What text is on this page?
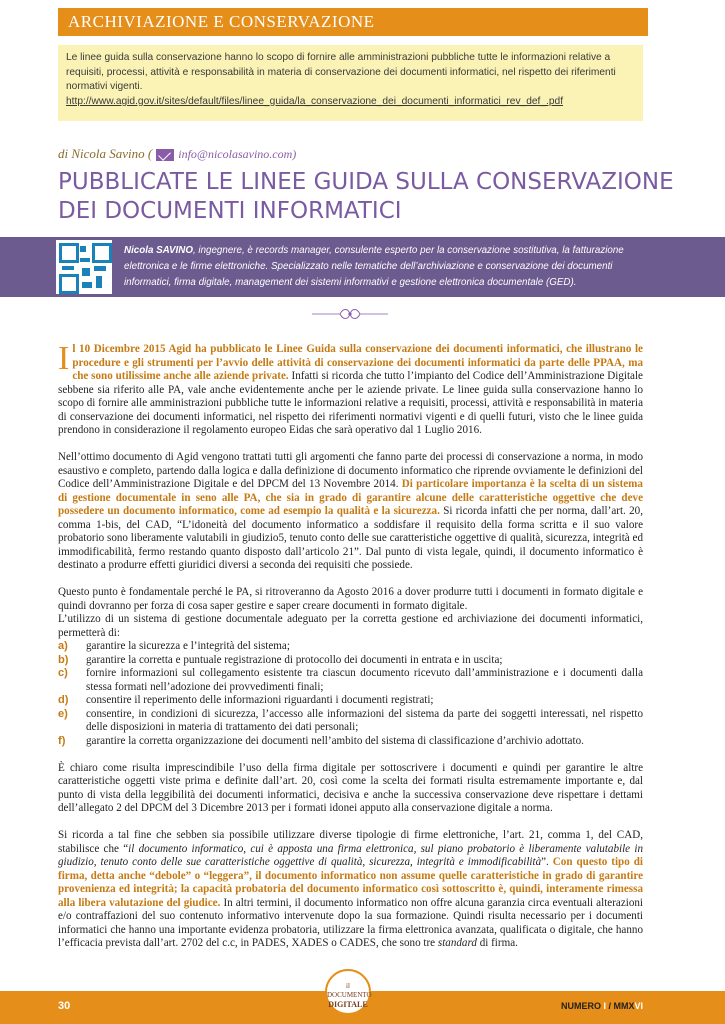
ARCHIVIAZIONE E CONSERVAZIONE
Le linee guida sulla conservazione hanno lo scopo di fornire alle amministrazioni pubbliche tutte le informazioni relative a requisiti, processi, attività e responsabilità in materia di conservazione dei documenti informatici, nel rispetto dei riferimenti normativi vigenti.
http://www.agid.gov.it/sites/default/files/linee_guida/la_conservazione_dei_documenti_informatici_rev_def_.pdf
di Nicola Savino ( info@nicolasavino.com)
PUBBLICATE LE LINEE GUIDA SULLA CONSERVAZIONE DEI DOCUMENTI INFORMATICI
Nicola SAVINO, ingegnere, è records manager, consulente esperto per la conservazione sostitutiva, la fatturazione elettronica e le firme elettroniche. Specializzato nelle tematiche dell’archiviazione e conservazione dei documenti informatici, firma digitale, management dei sistemi informativi e gestione elettronica documentale (GED).

Il 10 Dicembre 2015 Agid ha pubblicato le Linee Guida sulla conservazione dei documenti informatici, che illustrano le procedure e gli strumenti per l’avvio delle attività di conservazione dei documenti informatici da parte delle PPAA, ma che sono utilissime anche alle aziende private. Infatti si ricorda che tutto l’impianto del Codice dell’Amministrazione Digitale sebbene sia riferito alle PA, vale anche evidentemente anche per le aziende private. Le linee guida sulla conservazione hanno lo scopo di fornire alle amministrazioni pubbliche tutte le informazioni relative a requisiti, processi, attività e responsabilità in materia di conservazione dei documenti informatici, nel rispetto dei riferimenti normativi vigenti e di quelli futuri, visto che le linee guida prendono in considerazione il regolamento europeo Eidas che sarà operativo dal 1 Luglio 2016.

Nell’ottimo documento di Agid vengono trattati tutti gli argomenti che fanno parte dei processi di conservazione a norma, in modo esaustivo e completo, partendo dalla logica e dalla definizione di documento informatico che riprende ovviamente le definizioni del Codice dell’Amministrazione Digitale e del DPCM del 13 Novembre 2014. Di particolare importanza è la scelta di un sistema di gestione documentale in seno alle PA, che sia in grado di garantire alcune delle caratteristiche oggettive che deve possedere un documento informatico, come ad esempio la qualità e la sicurezza. Si ricorda infatti che per norma, dall’art. 20, comma 1-bis, del CAD, “L’idoneità del documento informatico a soddisfare il requisito della forma scritta e il suo valore probatorio sono liberamente valutabili in giudizio5, tenuto conto delle sue caratteristiche oggettive di qualità, sicurezza, integrità ed immodificabilità, fermo restando quanto disposto dall’articolo 21”. Dal punto di vista legale, quindi, il documento informatico è destinato a produrre effetti giuridici diversi a seconda dei requisiti che possiede.

Questo punto è fondamentale perché le PA, si ritroveranno da Agosto 2016 a dover produrre tutti i documenti in formato digitale e quindi dovranno per forza di cosa saper gestire e saper creare documenti in formato digitale.

L’utilizzo di un sistema di gestione documentale adeguato per la corretta gestione ed archiviazione dei documenti informatici, permetterà di:

a) garantire la sicurezza e l’integrità del sistema;
b) garantire la corretta e puntuale registrazione di protocollo dei documenti in entrata e in uscita;
c) fornire informazioni sul collegamento esistente tra ciascun documento ricevuto dall’amministrazione e i documenti dalla stessa formati nell’adozione dei provvedimenti finali;
d) consentire il reperimento delle informazioni riguardanti i documenti registrati;
e) consentire, in condizioni di sicurezza, l’accesso alle informazioni del sistema da parte dei soggetti interessati, nel rispetto delle disposizioni in materia di trattamento dei dati personali;
f) garantire la corretta organizzazione dei documenti nell’ambito del sistema di classificazione d’archivio adottato.

È chiaro come risulta imprescindibile l’uso della firma digitale per sottoscrivere i documenti e quindi per garantire le altre caratteristiche oggetti viste prima e definite dall’art. 20, così come la scelta dei formati risulta estremamente importante e, dal punto di vista della leggibilità dei documenti informatici, decisiva e anche la successiva conservazione deve rispettare i dettami dell’allegato 2 del DPCM del 3 Dicembre 2013 per i formati idonei apputo alla conservazione digitale a norma.

Si ricorda a tal fine che sebben sia possibile utilizzare diverse tipologie di firme elettroniche, l’art. 21, comma 1, del CAD, stabilisce che “il documento informatico, cui è apposta una firma elettronica, sul piano probatorio è liberamente valutabile in giudizio, tenuto conto delle sue caratteristiche oggettive di qualità, sicurezza, integrità e immodificabilità”. Con questo tipo di firma, detta anche “debole” o “leggera”, il documento informatico non assume quelle caratteristiche in grado di garantire provenienza ed integrità; la capacità probatoria del documento informatico così sottoscritto è, quindi, interamente rimessa alla libera valutazione del giudice. In altri termini, il documento informatico non offre alcuna garanzia circa eventuali alterazioni e/o contraffazioni del suo contenuto informativo intervenute dopo la sua formazione. Quindi risulta necessario per i documenti informatici che hanno una importante evidenza probatoria, utilizzare la firma elettronica avanzata, qualificata o digitale, che hanno l’efficacia prevista dall’art. 2702 del c.c, in PADES, XADES o CADES, che sono tre standard di firma.

30
il DOCUMENTO
DIGITALE	NUMERO I / MMXVI
